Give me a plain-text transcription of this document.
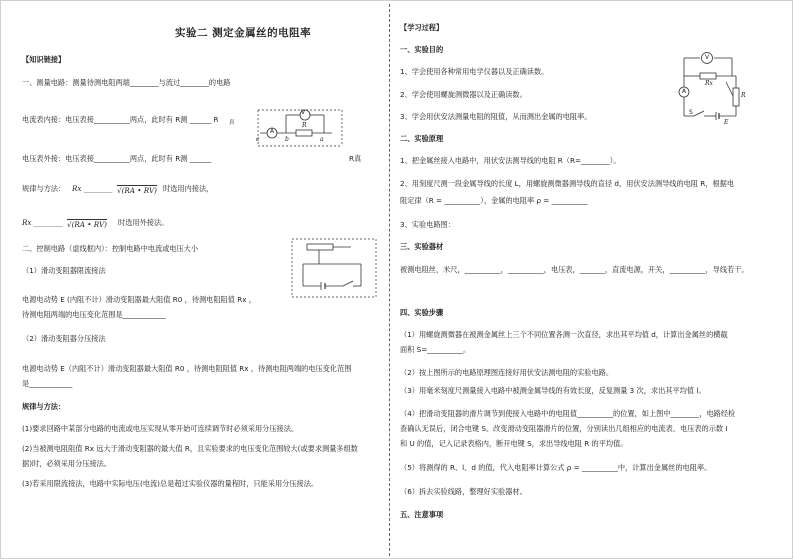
实验二 测定金属丝的电阻率
【知识链接】
一、测量电路：测量待测电阻两端________与流过________的电路
电流表内接：电压表接__________两点，此时有 R测 ______ R 真
V
A
R
c	b	a
电压表外接：电压表接__________两点，此时有 R测 ______	R真
规律与方法： Rx ________ √(RA • RV) 时选用内接法，
Rx ________ √(RA • RV) 时选用外接法。
二、控制电路（虚线框内）：控制电路中电流或电压大小
（1）滑动变阻器限流接法
电源电动势 E (内阻不计）滑动变阻器最大阻值 R0 ，待测电阻阻值 Rx ，
待测电阻两端的电压变化范围是____________
（2）滑动变阻器分压接法
电源电动势 E（内阻不计）滑动变阻器最大阻值 R0 ，待测电阻阻值 Rx ，待测电阻两端的电压变化范围
是____________
规律与方法：
(1)要求回路中某部分电路的电流或电压实现从零开始可连续调节时必须采用分压接法。
(2)当被测电阻阻值 Rx 远大于滑动变阻器的最大值 R，且实验要求的电压变化范围较大(或要求测量多组数
据)时，必须采用分压接法。
(3)若采用限流接法，电路中实际电压(电流)总是超过实验仪器的量程时，只能采用分压接法。
【学习过程】
一、实验目的
1、学会使用各种常用电学仪器以及正确读数。
2、学会使用螺旋测微器以及正确读数。
3、学会用伏安法测量电阻的阻值，从而测出金属的电阻率。
V
A
Rx
R
S
E
二、实验原理
1、把金属丝接入电路中，用伏安法测导线的电阻 R（R=________）。
2、用刻度尺测一段金属导线的长度 L，用螺旋测微器测导线的直径 d，用伏安法测导线的电阻 R，根据电
阻定律（R = __________），金属的电阻率 ρ = __________
3、实验电路图：
三、实验器材
被测电阻丝，米尺，__________，__________，电压表，_______，直流电源，开关，__________，导线若干。
四、实验步骤
（1）用螺旋测微器在被测金属丝上三个不同位置各测一次直径，求出其平均值 d，计算出金属丝的横截
面积 S=__________。
（2）按上图所示的电路原理图连接好用伏安法测电阻的实验电路。
（3）用毫米刻度尺测量接入电路中被测金属导线的有效长度，反复测量 3 次，求出其平均值 l。
（4）把滑动变阻器的滑片调节到使接入电路中的电阻值__________的位置，如上图中________，电路经检
查确认无误后，闭合电键 S。改变滑动变阻器滑片的位置，分别读出几组相应的电流表、电压表的示数 I
和 U 的值，记入记录表格内，断开电键 S，求出导线电阻 R 的平均值。
（5）将测得的 R、l、d 的值，代入电阻率计算公式 ρ = __________中，计算出金属丝的电阻率。
（6）拆去实验线路，整理好实验器材。
五、注意事项
